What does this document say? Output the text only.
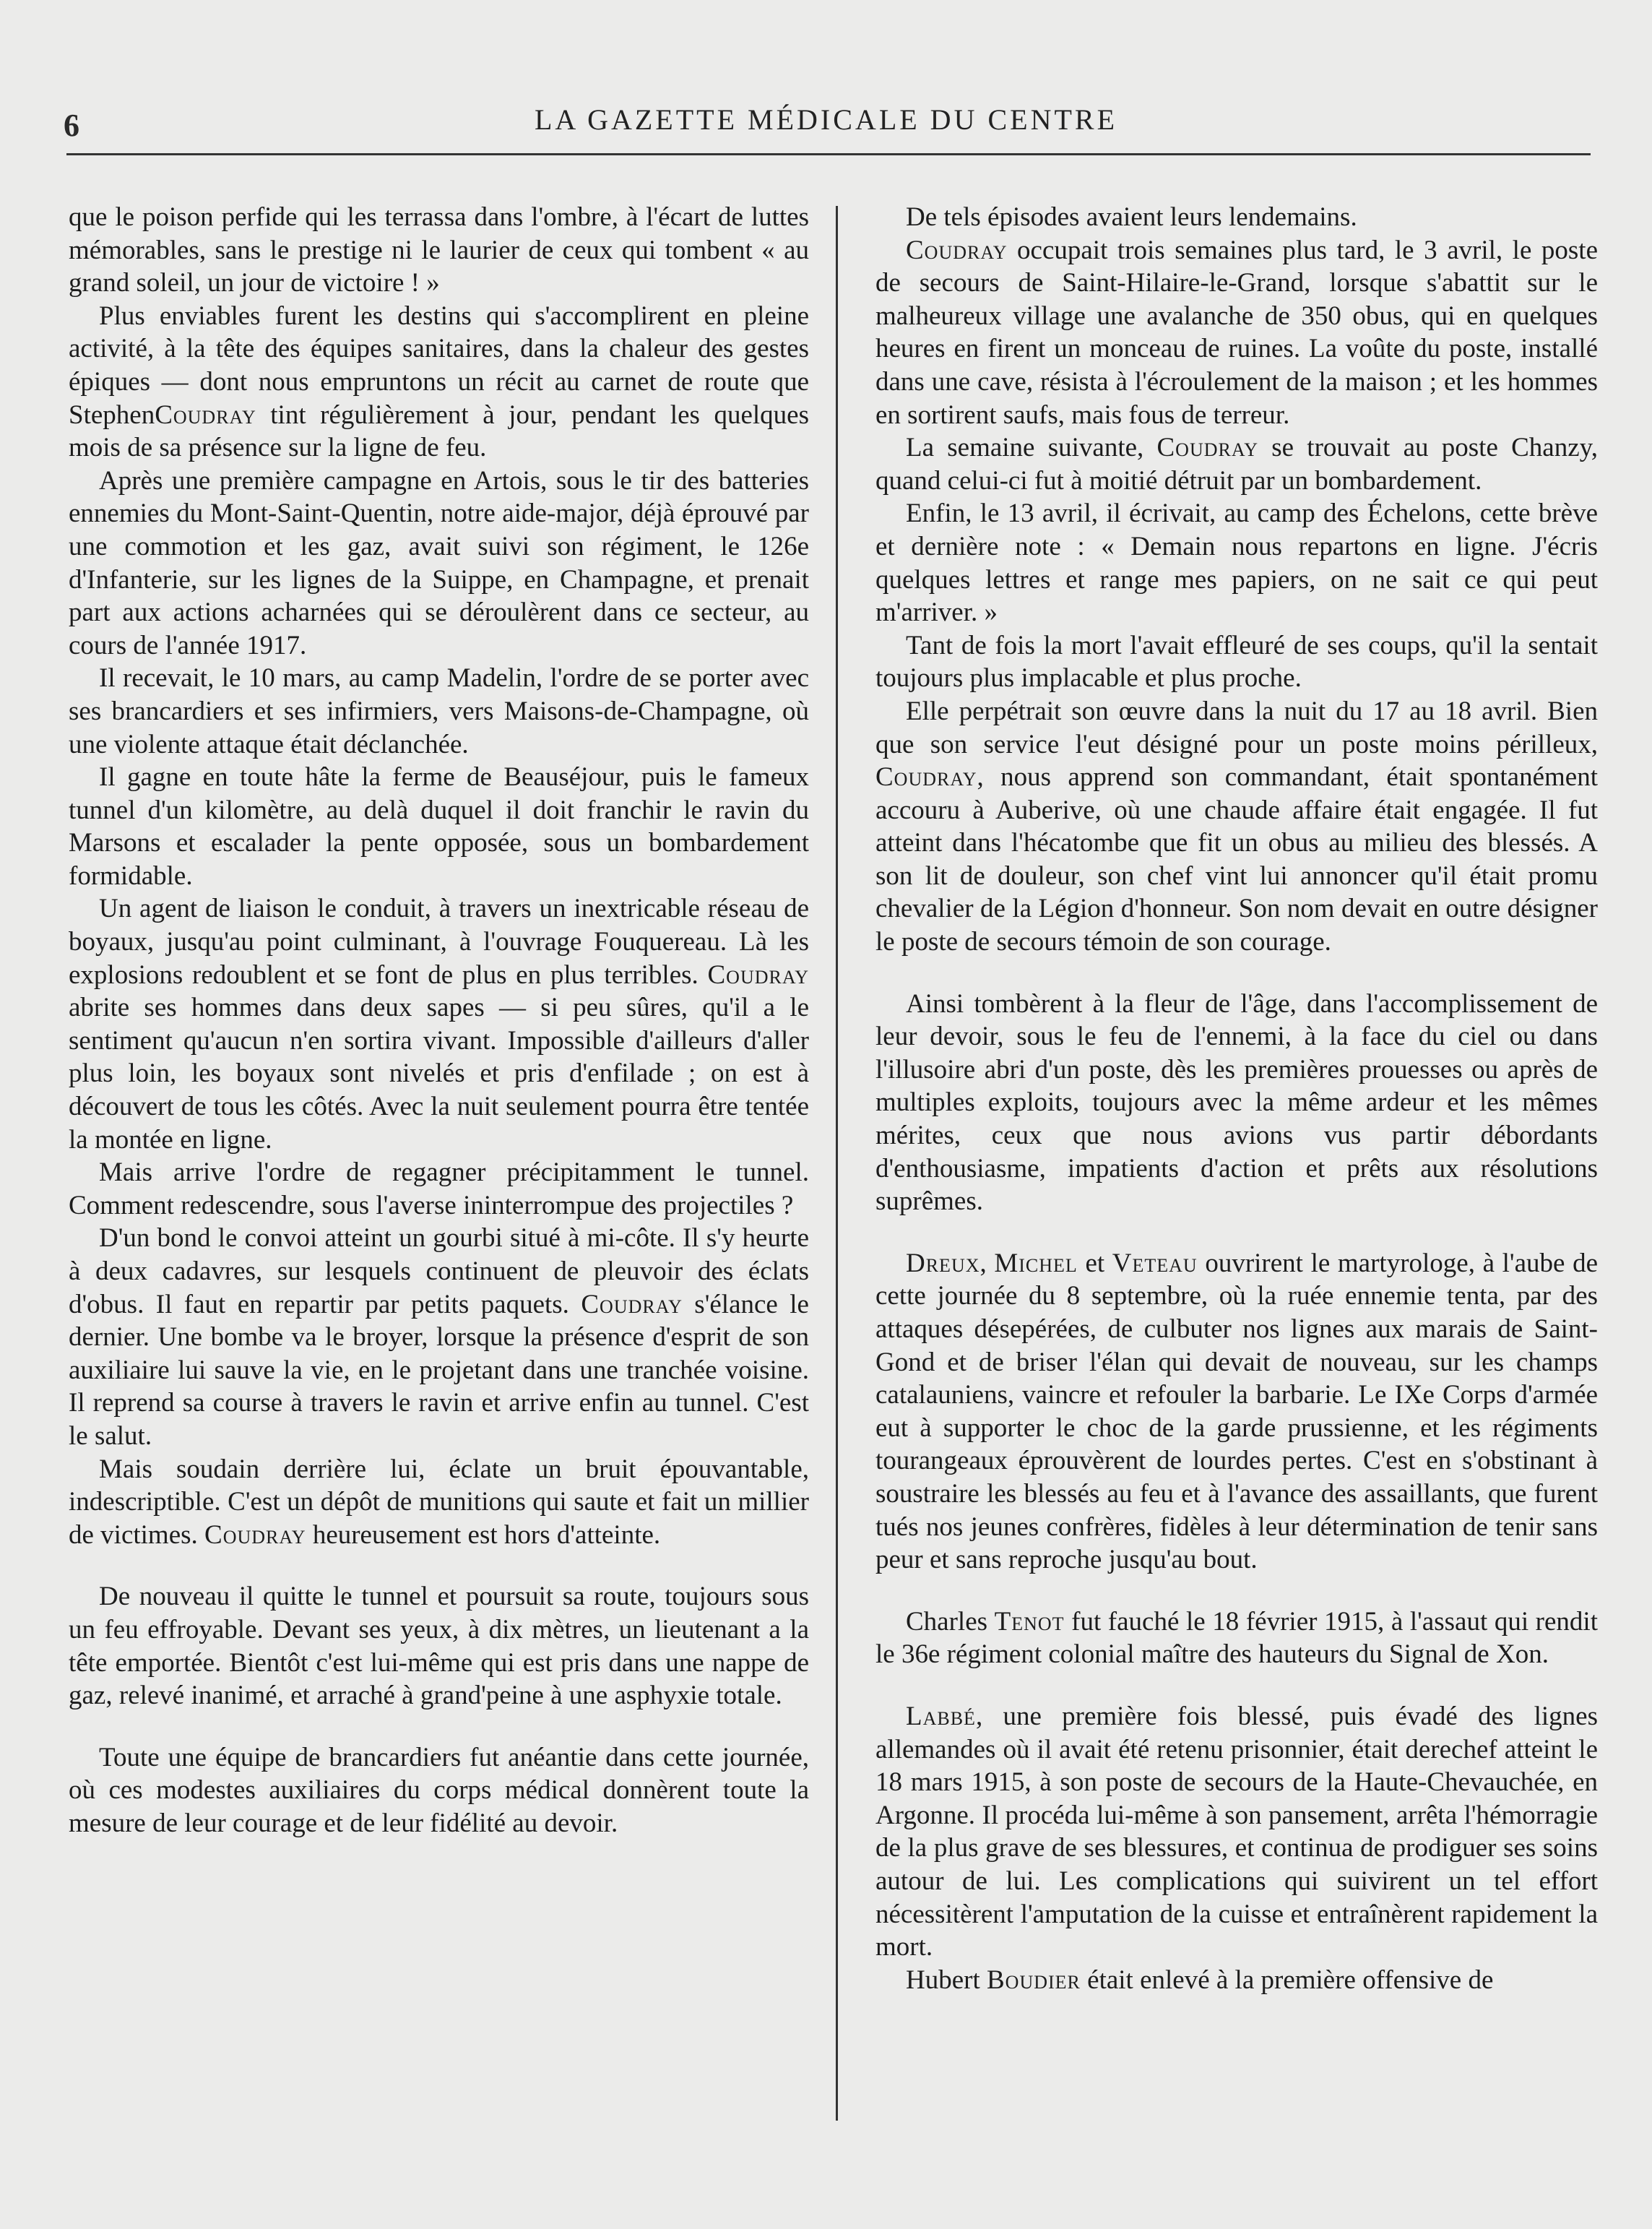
6	LA GAZETTE MÉDICALE DU CENTRE

que le poison perfide qui les terrassa dans l'ombre, à l'écart de luttes mémorables, sans le prestige ni le laurier de ceux qui tombent « au grand soleil, un jour de victoire ! »

Plus enviables furent les destins qui s'accomplirent en pleine activité, à la tête des équipes sanitaires, dans la chaleur des gestes épiques — dont nous empruntons un récit au carnet de route que StephenCoudray tint régulièrement à jour, pendant les quelques mois de sa présence sur la ligne de feu.

Après une première campagne en Artois, sous le tir des batteries ennemies du Mont-Saint-Quentin, notre aide-major, déjà éprouvé par une commotion et les gaz, avait suivi son régiment, le 126e d'Infanterie, sur les lignes de la Suippe, en Champagne, et prenait part aux actions acharnées qui se déroulèrent dans ce secteur, au cours de l'année 1917.

Il recevait, le 10 mars, au camp Madelin, l'ordre de se porter avec ses brancardiers et ses infirmiers, vers Maisons-de-Champagne, où une violente attaque était déclanchée.

Il gagne en toute hâte la ferme de Beauséjour, puis le fameux tunnel d'un kilomètre, au delà duquel il doit franchir le ravin du Marsons et escalader la pente opposée, sous un bombardement formidable.

Un agent de liaison le conduit, à travers un inextricable réseau de boyaux, jusqu'au point culminant, à l'ouvrage Fouquereau. Là les explosions redoublent et se font de plus en plus terribles. Coudray abrite ses hommes dans deux sapes — si peu sûres, qu'il a le sentiment qu'aucun n'en sortira vivant. Impossible d'ailleurs d'aller plus loin, les boyaux sont nivelés et pris d'enfilade ; on est à découvert de tous les côtés. Avec la nuit seulement pourra être tentée la montée en ligne.

Mais arrive l'ordre de regagner précipitamment le tunnel. Comment redescendre, sous l'averse ininterrompue des projectiles ?

D'un bond le convoi atteint un gourbi situé à mi-côte. Il s'y heurte à deux cadavres, sur lesquels continuent de pleuvoir des éclats d'obus. Il faut en repartir par petits paquets. Coudray s'élance le dernier. Une bombe va le broyer, lorsque la présence d'esprit de son auxiliaire lui sauve la vie, en le projetant dans une tranchée voisine. Il reprend sa course à travers le ravin et arrive enfin au tunnel. C'est le salut.

Mais soudain derrière lui, éclate un bruit épouvantable, indescriptible. C'est un dépôt de munitions qui saute et fait un millier de victimes. Coudray heureusement est hors d'atteinte.

De nouveau il quitte le tunnel et poursuit sa route, toujours sous un feu effroyable. Devant ses yeux, à dix mètres, un lieutenant a la tête emportée. Bientôt c'est lui-même qui est pris dans une nappe de gaz, relevé inanimé, et arraché à grand'peine à une asphyxie totale.

Toute une équipe de brancardiers fut anéantie dans cette journée, où ces modestes auxiliaires du corps médical donnèrent toute la mesure de leur courage et de leur fidélité au devoir.

De tels épisodes avaient leurs lendemains.

Coudray occupait trois semaines plus tard, le 3 avril, le poste de secours de Saint-Hilaire-le-Grand, lorsque s'abattit sur le malheureux village une avalanche de 350 obus, qui en quelques heures en firent un monceau de ruines. La voûte du poste, installé dans une cave, résista à l'écroulement de la maison ; et les hommes en sortirent saufs, mais fous de terreur.

La semaine suivante, Coudray se trouvait au poste Chanzy, quand celui-ci fut à moitié détruit par un bombardement.

Enfin, le 13 avril, il écrivait, au camp des Échelons, cette brève et dernière note : « Demain nous repartons en ligne. J'écris quelques lettres et range mes papiers, on ne sait ce qui peut m'arriver. »

Tant de fois la mort l'avait effleuré de ses coups, qu'il la sentait toujours plus implacable et plus proche.

Elle perpétrait son œuvre dans la nuit du 17 au 18 avril. Bien que son service l'eut désigné pour un poste moins périlleux, Coudray, nous apprend son commandant, était spontanément accouru à Auberive, où une chaude affaire était engagée. Il fut atteint dans l'hécatombe que fit un obus au milieu des blessés. A son lit de douleur, son chef vint lui annoncer qu'il était promu chevalier de la Légion d'honneur. Son nom devait en outre désigner le poste de secours témoin de son courage.

Ainsi tombèrent à la fleur de l'âge, dans l'accomplissement de leur devoir, sous le feu de l'ennemi, à la face du ciel ou dans l'illusoire abri d'un poste, dès les premières prouesses ou après de multiples exploits, toujours avec la même ardeur et les mêmes mérites, ceux que nous avions vus partir débordants d'enthousiasme, impatients d'action et prêts aux résolutions suprêmes.

Dreux, Michel et Veteau ouvrirent le martyrologe, à l'aube de cette journée du 8 septembre, où la ruée ennemie tenta, par des attaques désepérées, de culbuter nos lignes aux marais de Saint-Gond et de briser l'élan qui devait de nouveau, sur les champs catalauniens, vaincre et refouler la barbarie. Le IXe Corps d'armée eut à supporter le choc de la garde prussienne, et les régiments tourangeaux éprouvèrent de lourdes pertes. C'est en s'obstinant à soustraire les blessés au feu et à l'avance des assaillants, que furent tués nos jeunes confrères, fidèles à leur détermination de tenir sans peur et sans reproche jusqu'au bout.

Charles Tenot fut fauché le 18 février 1915, à l'assaut qui rendit le 36e régiment colonial maître des hauteurs du Signal de Xon.

Labbé, une première fois blessé, puis évadé des lignes allemandes où il avait été retenu prisonnier, était derechef atteint le 18 mars 1915, à son poste de secours de la Haute-Chevauchée, en Argonne. Il procéda lui-même à son pansement, arrêta l'hémorragie de la plus grave de ses blessures, et continua de prodiguer ses soins autour de lui. Les complications qui suivirent un tel effort nécessitèrent l'amputation de la cuisse et entraînèrent rapidement la mort.

Hubert Boudier était enlevé à la première offensive de
